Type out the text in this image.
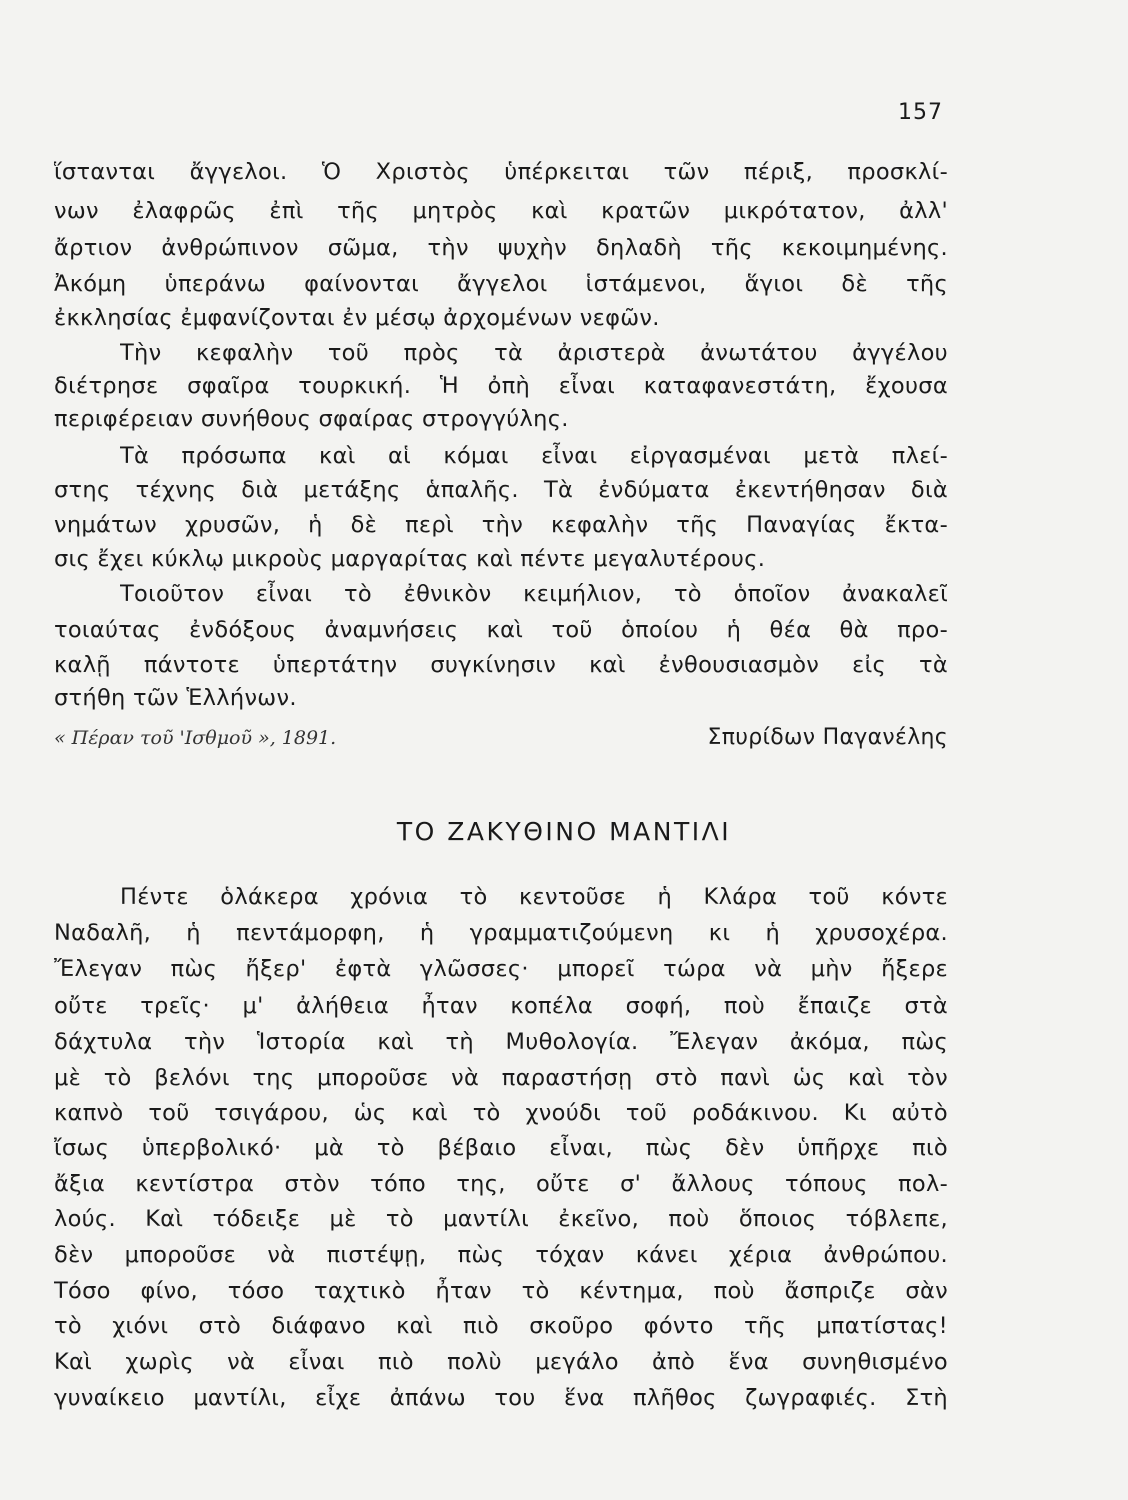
157
ἵστανται ἄγγελοι. Ὁ Χριστὸς ὑπέρκειται τῶν πέριξ, προσκλί-
νων ἐλαφρῶς ἐπὶ τῆς μητρὸς καὶ κρατῶν μικρότατον, ἀλλ'
ἄρτιον ἀνθρώπινον σῶμα, τὴν ψυχὴν δηλαδὴ τῆς κεκοιμημένης.
Ἀκόμη ὑπεράνω φαίνονται ἄγγελοι ἱστάμενοι, ἅγιοι δὲ τῆς
ἐκκλησίας ἐμφανίζονται ἐν μέσῳ ἀρχομένων νεφῶν.
Τὴν κεφαλὴν τοῦ πρὸς τὰ ἀριστερὰ ἀνωτάτου ἀγγέλου
διέτρησε σφαῖρα τουρκική. Ἡ ὀπὴ εἶναι καταφανεστάτη, ἔχουσα
περιφέρειαν συνήθους σφαίρας στρογγύλης.
Τὰ πρόσωπα καὶ αἱ κόμαι εἶναι εἰργασμέναι μετὰ πλεί-
στης τέχνης διὰ μετάξης ἁπαλῆς. Τὰ ἐνδύματα ἐκεντήθησαν διὰ
νημάτων χρυσῶν, ἡ δὲ περὶ τὴν κεφαλὴν τῆς Παναγίας ἔκτα-
σις ἔχει κύκλῳ μικροὺς μαργαρίτας καὶ πέντε μεγαλυτέρους.
Τοιοῦτον εἶναι τὸ ἐθνικὸν κειμήλιον, τὸ ὁποῖον ἀνακαλεῖ
τοιαύτας ἐνδόξους ἀναμνήσεις καὶ τοῦ ὁποίου ἡ θέα θὰ προ-
καλῇ πάντοτε ὑπερτάτην συγκίνησιν καὶ ἐνθουσιασμὸν εἰς τὰ
στήθη τῶν Ἑλλήνων.
« Πέραν τοῦ 'Ισθμοῦ », 1891.	Σπυρίδων Παγανέλης
ΤΟ ΖΑΚΥΘΙΝΟ ΜΑΝΤΙΛΙ
Πέντε ὁλάκερα χρόνια τὸ κεντοῦσε ἡ Κλάρα τοῦ κόντε
Ναδαλῆ, ἡ πεντάμορφη, ἡ γραμματιζούμενη κι ἡ χρυσοχέρα.
Ἔλεγαν πὼς ἤξερ' ἐφτὰ γλῶσσες· μπορεῖ τώρα νὰ μὴν ἤξερε
οὔτε τρεῖς· μ' ἀλήθεια ἦταν κοπέλα σοφή, ποὺ ἔπαιζε στὰ
δάχτυλα τὴν Ἱστορία καὶ τὴ Μυθολογία. Ἔλεγαν ἀκόμα, πὼς
μὲ τὸ βελόνι της μποροῦσε νὰ παραστήσῃ στὸ πανὶ ὡς καὶ τὸν
καπνὸ τοῦ τσιγάρου, ὡς καὶ τὸ χνούδι τοῦ ροδάκινου. Κι αὐτὸ
ἴσως ὑπερβολικό· μὰ τὸ βέβαιο εἶναι, πὼς δὲν ὑπῆρχε πιὸ
ἄξια κεντίστρα στὸν τόπο της, οὔτε σ' ἄλλους τόπους πολ-
λούς. Καὶ τόδειξε μὲ τὸ μαντίλι ἐκεῖνο, ποὺ ὅποιος τόβλεπε,
δὲν μποροῦσε νὰ πιστέψῃ, πὼς τόχαν κάνει χέρια ἀνθρώπου.
Τόσο φίνο, τόσο ταχτικὸ ἦταν τὸ κέντημα, ποὺ ἄσπριζε σὰν
τὸ χιόνι στὸ διάφανο καὶ πιὸ σκοῦρο φόντο τῆς μπατίστας!
Καὶ χωρὶς νὰ εἶναι πιὸ πολὺ μεγάλο ἀπὸ ἕνα συνηθισμένο
γυναίκειο μαντίλι, εἶχε ἀπάνω του ἕνα πλῆθος ζωγραφιές. Στὴ
